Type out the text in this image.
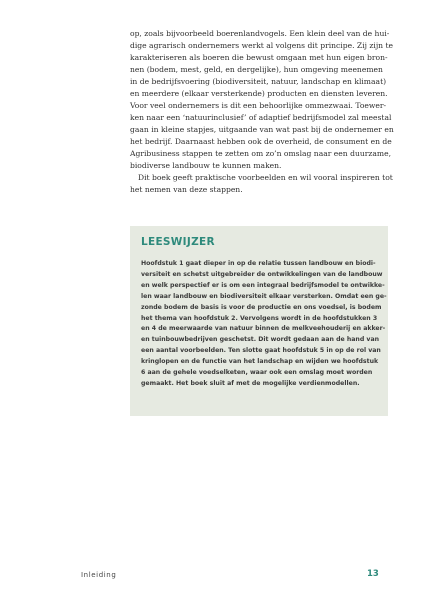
op, zoals bijvoorbeeld boerenlandvogels. Een klein deel van de hui-
dige agrarisch ondernemers werkt al volgens dit principe. Zij zijn te
karakteriseren als boeren die bewust omgaan met hun eigen bron-
nen (bodem, mest, geld, en dergelijke), hun omgeving meenemen
in de bedrijfsvoering (biodiversiteit, natuur, landschap en klimaat)
en meerdere (elkaar versterkende) producten en diensten leveren.
Voor veel ondernemers is dit een behoorlijke ommezwaai. Toewer-
ken naar een ‘natuurinclusief’ of adaptief bedrijfsmodel zal meestal
gaan in kleine stapjes, uitgaande van wat past bij de ondernemer en
het bedrijf. Daarnaast hebben ook de overheid, de consument en de
Agribusiness stappen te zetten om zo’n omslag naar een duurzame,
biodiverse landbouw te kunnen maken.
Dit boek geeft praktische voorbeelden en wil vooral inspireren tot
het nemen van deze stappen.
LEESWIJZER
Hoofdstuk 1 gaat dieper in op de relatie tussen landbouw en biodi-
versiteit en schetst uitgebreider de ontwikkelingen van de landbouw
en welk perspectief er is om een integraal bedrijfsmodel te ontwikke-
len waar landbouw en biodiversiteit elkaar versterken. Omdat een ge-
zonde bodem de basis is voor de productie en ons voedsel, is bodem
het thema van hoofdstuk 2. Vervolgens wordt in de hoofdstukken 3
en 4 de meerwaarde van natuur binnen de melkveehouderij en akker-
en tuinbouwbedrijven geschetst. Dit wordt gedaan aan de hand van
een aantal voorbeelden. Ten slotte gaat hoofdstuk 5 in op de rol van
kringlopen en de functie van het landschap en wijden we hoofdstuk
6 aan de gehele voedselketen, waar ook een omslag moet worden
gemaakt. Het boek sluit af met de mogelijke verdienmodellen.
Inleiding	13
